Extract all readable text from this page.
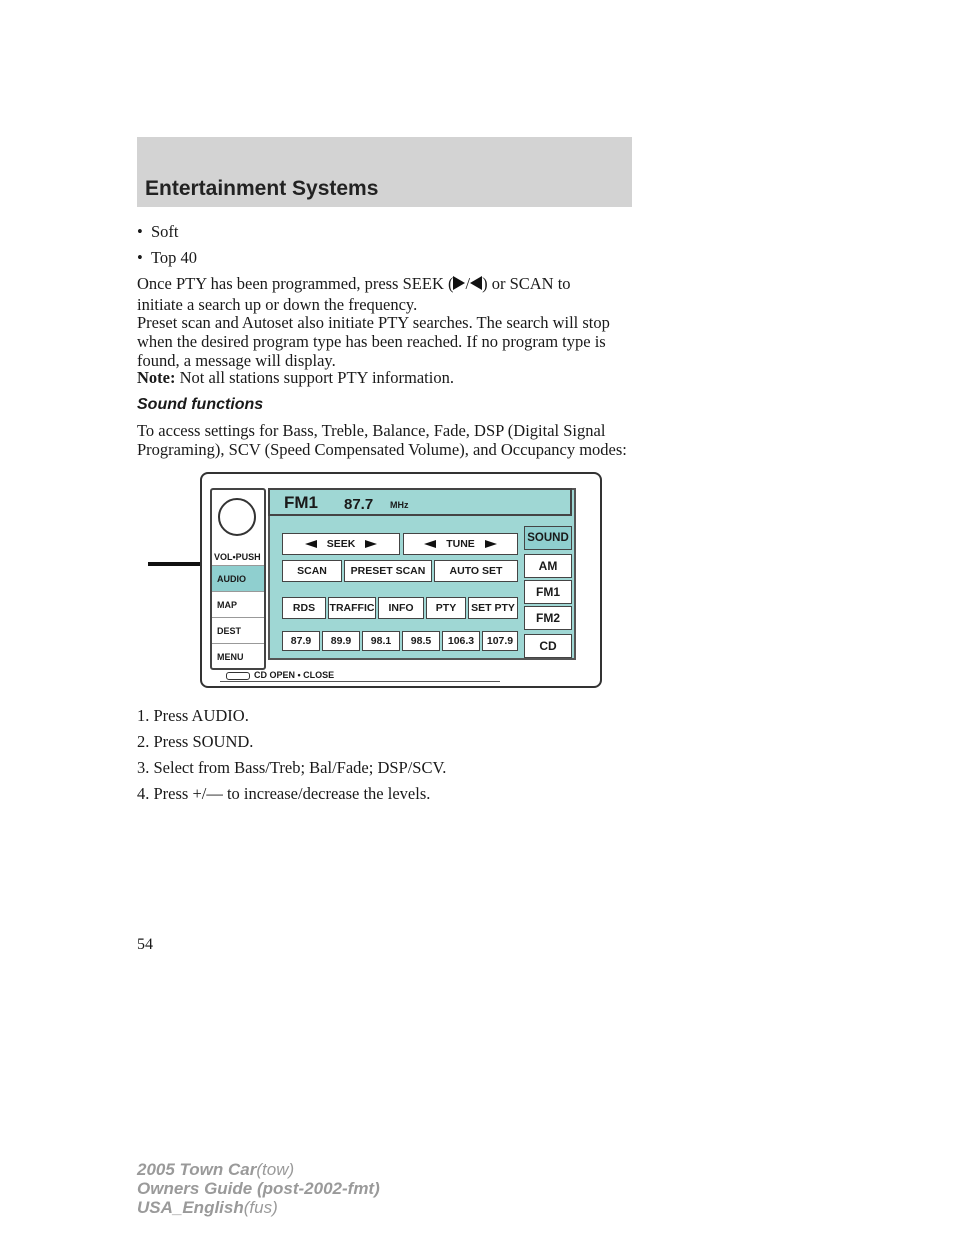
Entertainment Systems
• Soft
• Top 40

Once PTY has been programmed, press SEEK ( / ) or SCAN to

initiate a search up or down the frequency.

Preset scan and Autoset also initiate PTY searches. The search will stop when the desired program type has been reached. If no program type is found, a message will display.

Note: Not all stations support PTY information.

Sound functions

To access settings for Bass, Treble, Balance, Fade, DSP (Digital Signal Programing), SCV (Speed Compensated Volume), and Occupancy modes:

VOL•PUSH
AUDIO
MAP
DEST
MENU
FM1 87.7 MHz
SEEK	TUNE
SCAN	PRESET SCAN	AUTO SET
RDS	TRAFFIC	INFO	PTY	SET PTY
87.9	89.9	98.1	98.5	106.3	107.9
SOUND
AM
FM1
FM2
CD
CD OPEN • CLOSE

1. Press AUDIO.

2. Press SOUND.

3. Select from Bass/Treb; Bal/Fade; DSP/SCV.

4. Press +/— to increase/decrease the levels.

54
2005 Town Car(tow)
Owners Guide (post-2002-fmt)
USA_English(fus)
